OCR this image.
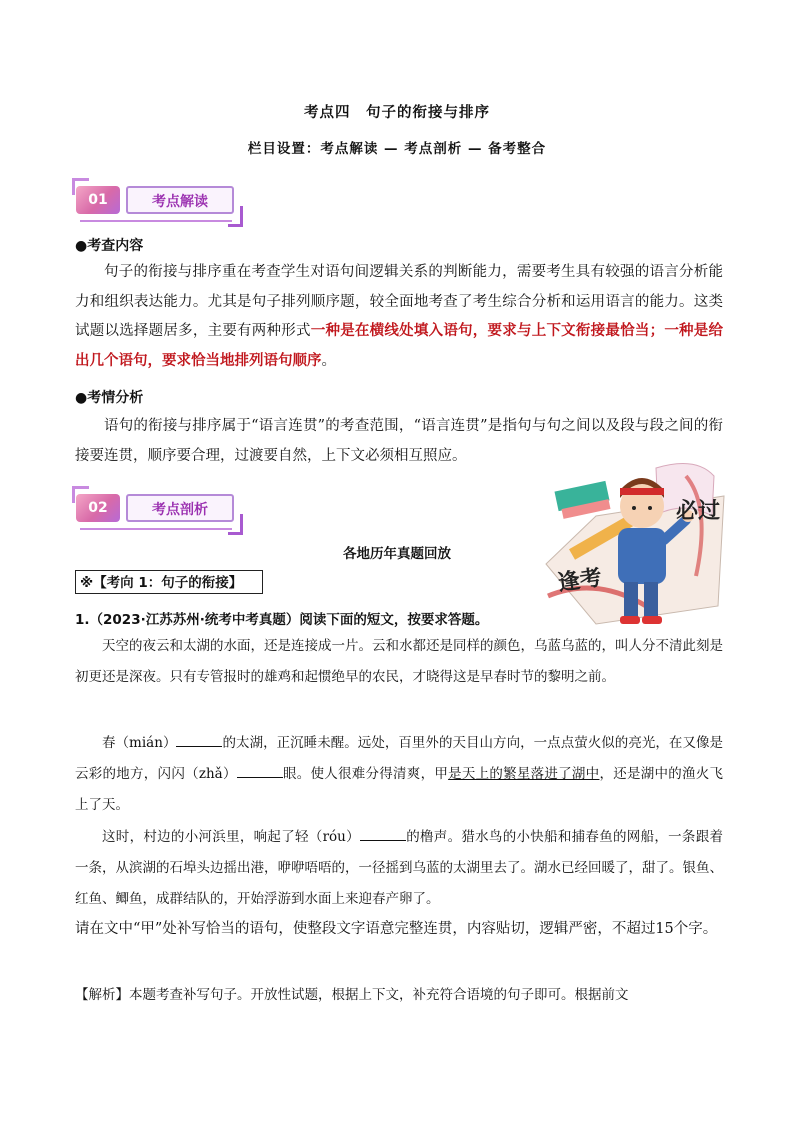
考点四　句子的衔接与排序
栏目设置：考点解读 — 考点剖析 — 备考整合
01	考点解读
●考查内容

句子的衔接与排序重在考查学生对语句间逻辑关系的判断能力，需要考生具有较强的语言分析能力和组织表达能力。尤其是句子排列顺序题，较全面地考查了考生综合分析和运用语言的能力。这类试题以选择题居多，主要有两种形式一种是在横线处填入语句，要求与上下文衔接最恰当；一种是给出几个语句，要求恰当地排列语句顺序。

●考情分析

语句的衔接与排序属于“语言连贯”的考查范围，“语言连贯”是指句与句之间以及段与段之间的衔接要连贯，顺序要合理，过渡要自然，上下文必须相互照应。

02	考点剖析	必过
逢考
各地历年真题回放
※【考向 1：句子的衔接】
1.（2023·江苏苏州·统考中考真题）阅读下面的短文，按要求答题。

天空的夜云和太湖的水面，还是连接成一片。云和水都还是同样的颜色，乌蓝乌蓝的，叫人分不清此刻是初更还是深夜。只有专管报时的雄鸡和起惯绝早的农民，才晓得这是早春时节的黎明之前。

春（mián）	的太湖，正沉睡未醒。远处，百里外的天目山方向，一点点萤火似的亮光，在又像是云彩的地方，闪闪（zhǎ）	眼。使人很难分得清爽，甲是天上的繁星落进了湖中，还是湖中的渔火飞上了天。

这时，村边的小河浜里，响起了轻（róu）	的橹声。猎水鸟的小快船和捕春鱼的网船，一条跟着一条，从滨湖的石埠头边摇出港，咿咿唔唔的，一径摇到乌蓝的太湖里去了。湖水已经回暖了，甜了。银鱼、红鱼、鲫鱼，成群结队的，开始浮游到水面上来迎春产卵了。

请在文中“甲”处补写恰当的语句，使整段文字语意完整连贯，内容贴切，逻辑严密，不超过15个字。

【解析】本题考查补写句子。开放性试题，根据上下文，补充符合语境的句子即可。根据前文
